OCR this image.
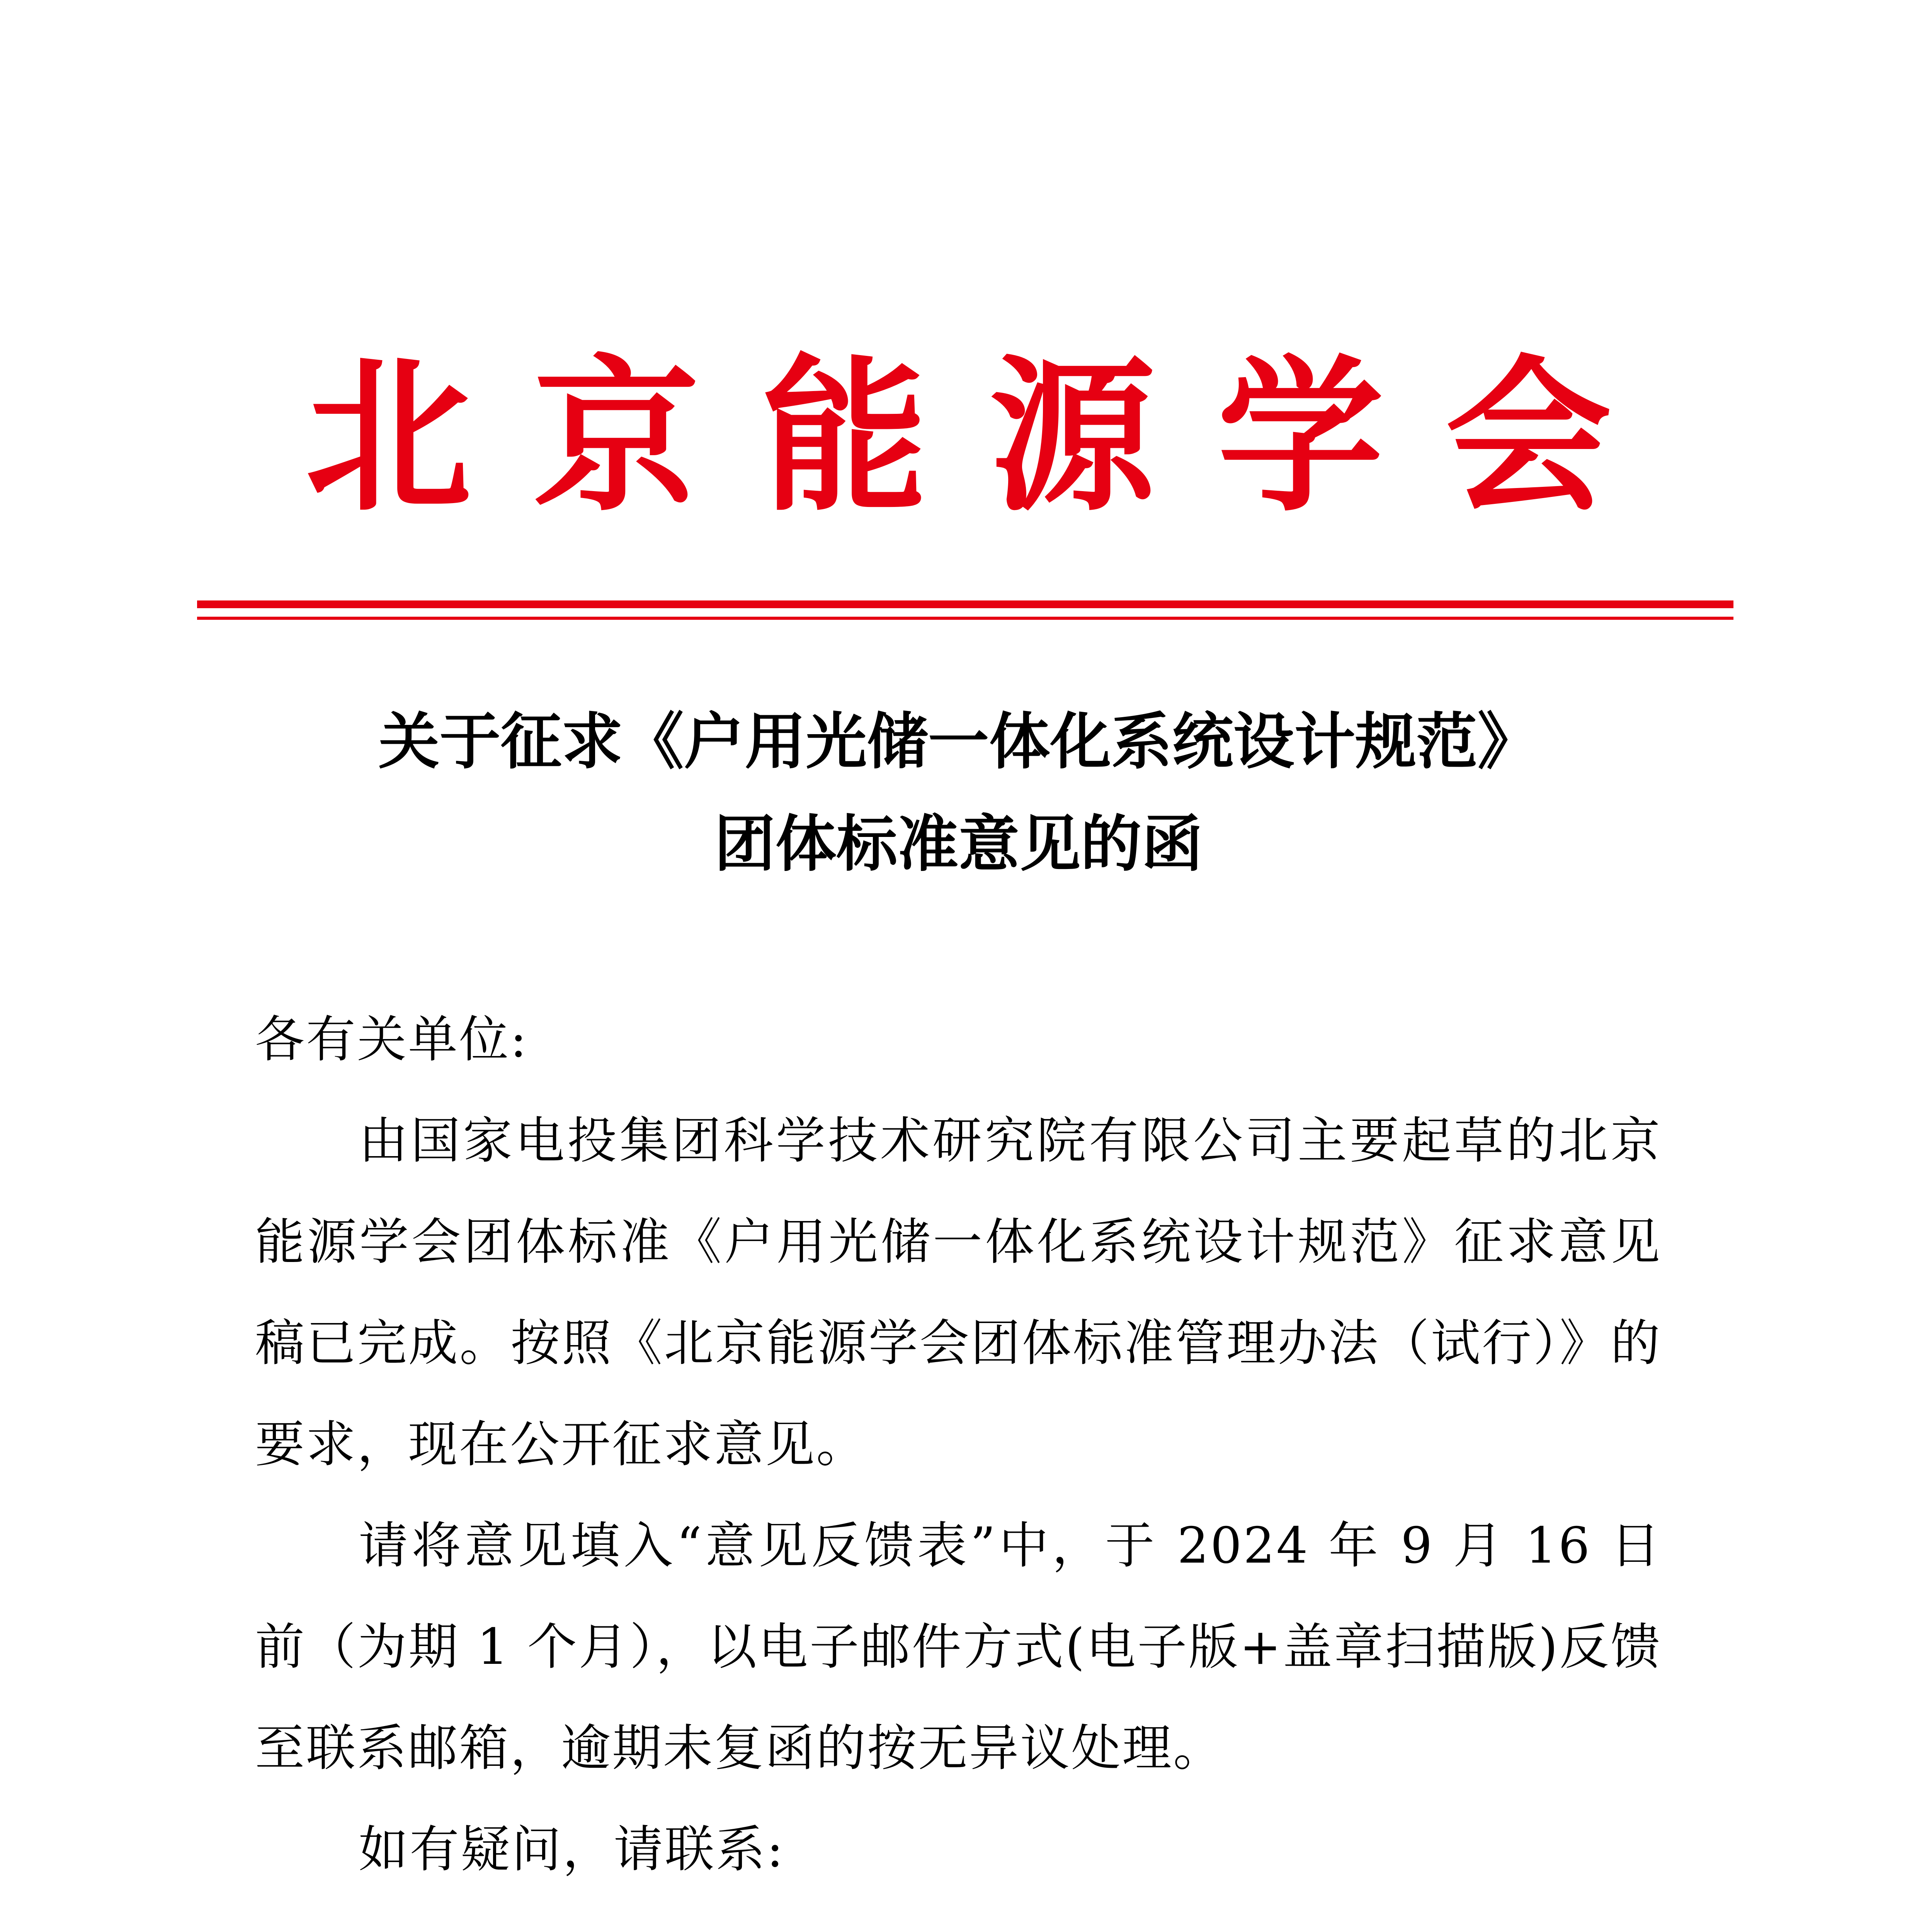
北京能源学会
关于征求《户用光储一体化系统设计规范》
团体标准意见的函
各有关单位:
由国家电投集团科学技术研究院有限公司主要起草的北京能源学会团体标准《户用光储一体化系统设计规范》征求意见稿已完成。按照《北京能源学会团体标准管理办法（试行）》的要求，现在公开征求意见。
请将意见填入“意见反馈表”中，于 2024 年 9 月 16 日前（为期 1 个月），以电子邮件方式(电子版+盖章扫描版)反馈至联系邮箱，逾期未复函的按无异议处理。
如有疑问，请联系:
